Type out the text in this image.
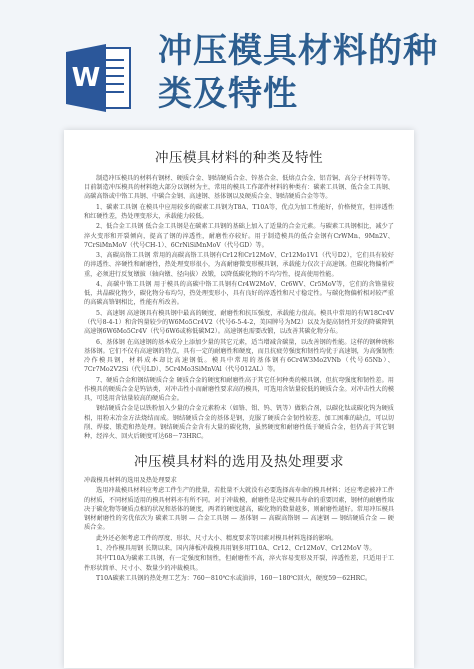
W
冲压模具材料的种
类及特性
冲压模具材料的种类及特性

制造冲压模具的材料有钢材、硬质合金、钢结硬质合金、锌基合金、低熔点合金、铝青铜、高分子材料等等。目前制造冲压模具的材料绝大部分以钢材为主，常用的模具工作部件材料的种类有：碳素工具钢、低合金工具钢、高碳高铬或中铬工具钢、中碳合金钢、高速钢、基体钢以及硬质合金、钢结硬质合金等等。

1、碳素工具钢 在模具中应用较多的碳素工具钢为T8A、T10A等，优点为加工性能好，价格便宜，但淬透性和红硬性差，热处理变形大，承载能力较低。

2、低合金工具钢 低合金工具钢是在碳素工具钢的基础上加入了适量的合金元素。与碳素工具钢相比，减少了淬火变形和开裂倾向，提高了钢的淬透性，耐磨性亦较好。用于制造模具的低合金钢有CrWMn、9Mn2V、7CrSiMnMoV（代号CH-1）、6CrNiSiMnMoV（代号GD）等。

3、高碳高铬工具钢 常用的高碳高铬工具钢有Cr12和Cr12MoV、Cr12Mo1V1（代号D2），它们具有较好的淬透性、淬硬性和耐磨性，热处理变形很小，为高耐磨微变形模具钢，承载能力仅次于高速钢。但碳化物偏析严重，必须进行反复镦拔（轴向镦、径向拔）改锻，以降低碳化物的不均匀性，提高使用性能。

4、高碳中铬工具钢 用于模具的高碳中铬工具钢有Cr4W2MoV、Cr6WV、Cr5MoV等，它们的含铬量较低，共晶碳化物少，碳化物分布均匀，热处理变形小，具有良好的淬透性和尺寸稳定性。与碳化物偏析相对较严重的高碳高铬钢相比，性能有所改善。

5、高速钢 高速钢具有模具钢中最高的硬度、耐磨性和抗压强度，承载能力很高。模具中常用的有W18Cr4V（代号8-4-1）和含钨量较少的W6Mo5Cr4V2（代号6-5-4-2，美国牌号为M2）以及为提高韧性开发的降碳降钒高速钢6W6Mo5Cr4V（代号6W6或称低碳M2）。高速钢也需要改锻，以改善其碳化物分布。

6、基体钢 在高速钢的基本成分上添加少量的其它元素，适当增减含碳量，以改善钢的性能。这样的钢种统称基体钢。它们不仅有高速钢的特点，具有一定的耐磨性和硬度，而且抗疲劳强度和韧性均优于高速钢，为高强韧性冷作模具钢，材料成本却比高速钢低。模具中常用的基体钢有6Cr4W3Mo2VNb（代号65Nb）、7Cr7Mo2V2Si（代号LD）、5Cr4Mo3SiMnVAl（代号012AL）等。

7、硬质合金和钢结硬质合金 硬质合金的硬度和耐磨性高于其它任何种类的模具钢，但抗弯强度和韧性差。用作模具的硬质合金是钨钴类，对冲击性小而耐磨性要求高的模具，可选用含钴量较低的硬质合金。对冲击性大的模具，可选用含钴量较高的硬质合金。

钢结硬质合金是以铁粉加入少量的合金元素粉末（如铬、钼、钨、钒等）做粘合剂，以碳化钛或碳化钨为硬质相，用粉末冶金方法烧结而成。钢结硬质合金的基体是钢，克服了硬质合金韧性较差、加工困难的缺点，可以切削、焊接、锻造和热处理。钢结硬质合金含有大量的碳化物，虽然硬度和耐磨性低于硬质合金，但仍高于其它钢种，经淬火、回火后硬度可达68～73HRC。

冲压模具材料的选用及热处理要求
冲裁模具材料的选用及热处理要求

选用冲裁模具材料应考虑工件生产的批量，若批量不大就没有必要选择高寿命的模具材料；还应考虑被冲工件的材质，不同材质适用的模具材料亦有所不同。对于冲裁模，耐磨性是决定模具寿命的重要因素，钢材的耐磨性取决于碳化物等硬质点相的状况和基体的硬度，两者的硬度越高，碳化物的数量越多，则耐磨性越好。常用冲压模具钢材耐磨性的劣优依次为 碳素工具钢 — 合金工具钢 — 基体钢 — 高碳高铬钢 — 高速钢 — 钢结硬质合金 — 硬质合金。

此外还必须考虑工件的厚度、形状、尺寸大小、精度要求等因素对模具材料选择的影响。

1、冷作模具用钢 长期以来，国内薄板冲裁模具用钢多用T10A、Cr12、Cr12MoV、Cr12MoV 等。

其中T10A为碳素工具钢，有一定强度和韧性，但耐磨性不高，淬火容易变形及开裂，淬透性差，只适用于工件形状简单、尺寸小、数量少的冲裁模具。

T10A碳素工具钢的热处理工艺为：760～810℃水或油淬，160～180℃回火，硬度59～62HRC。
